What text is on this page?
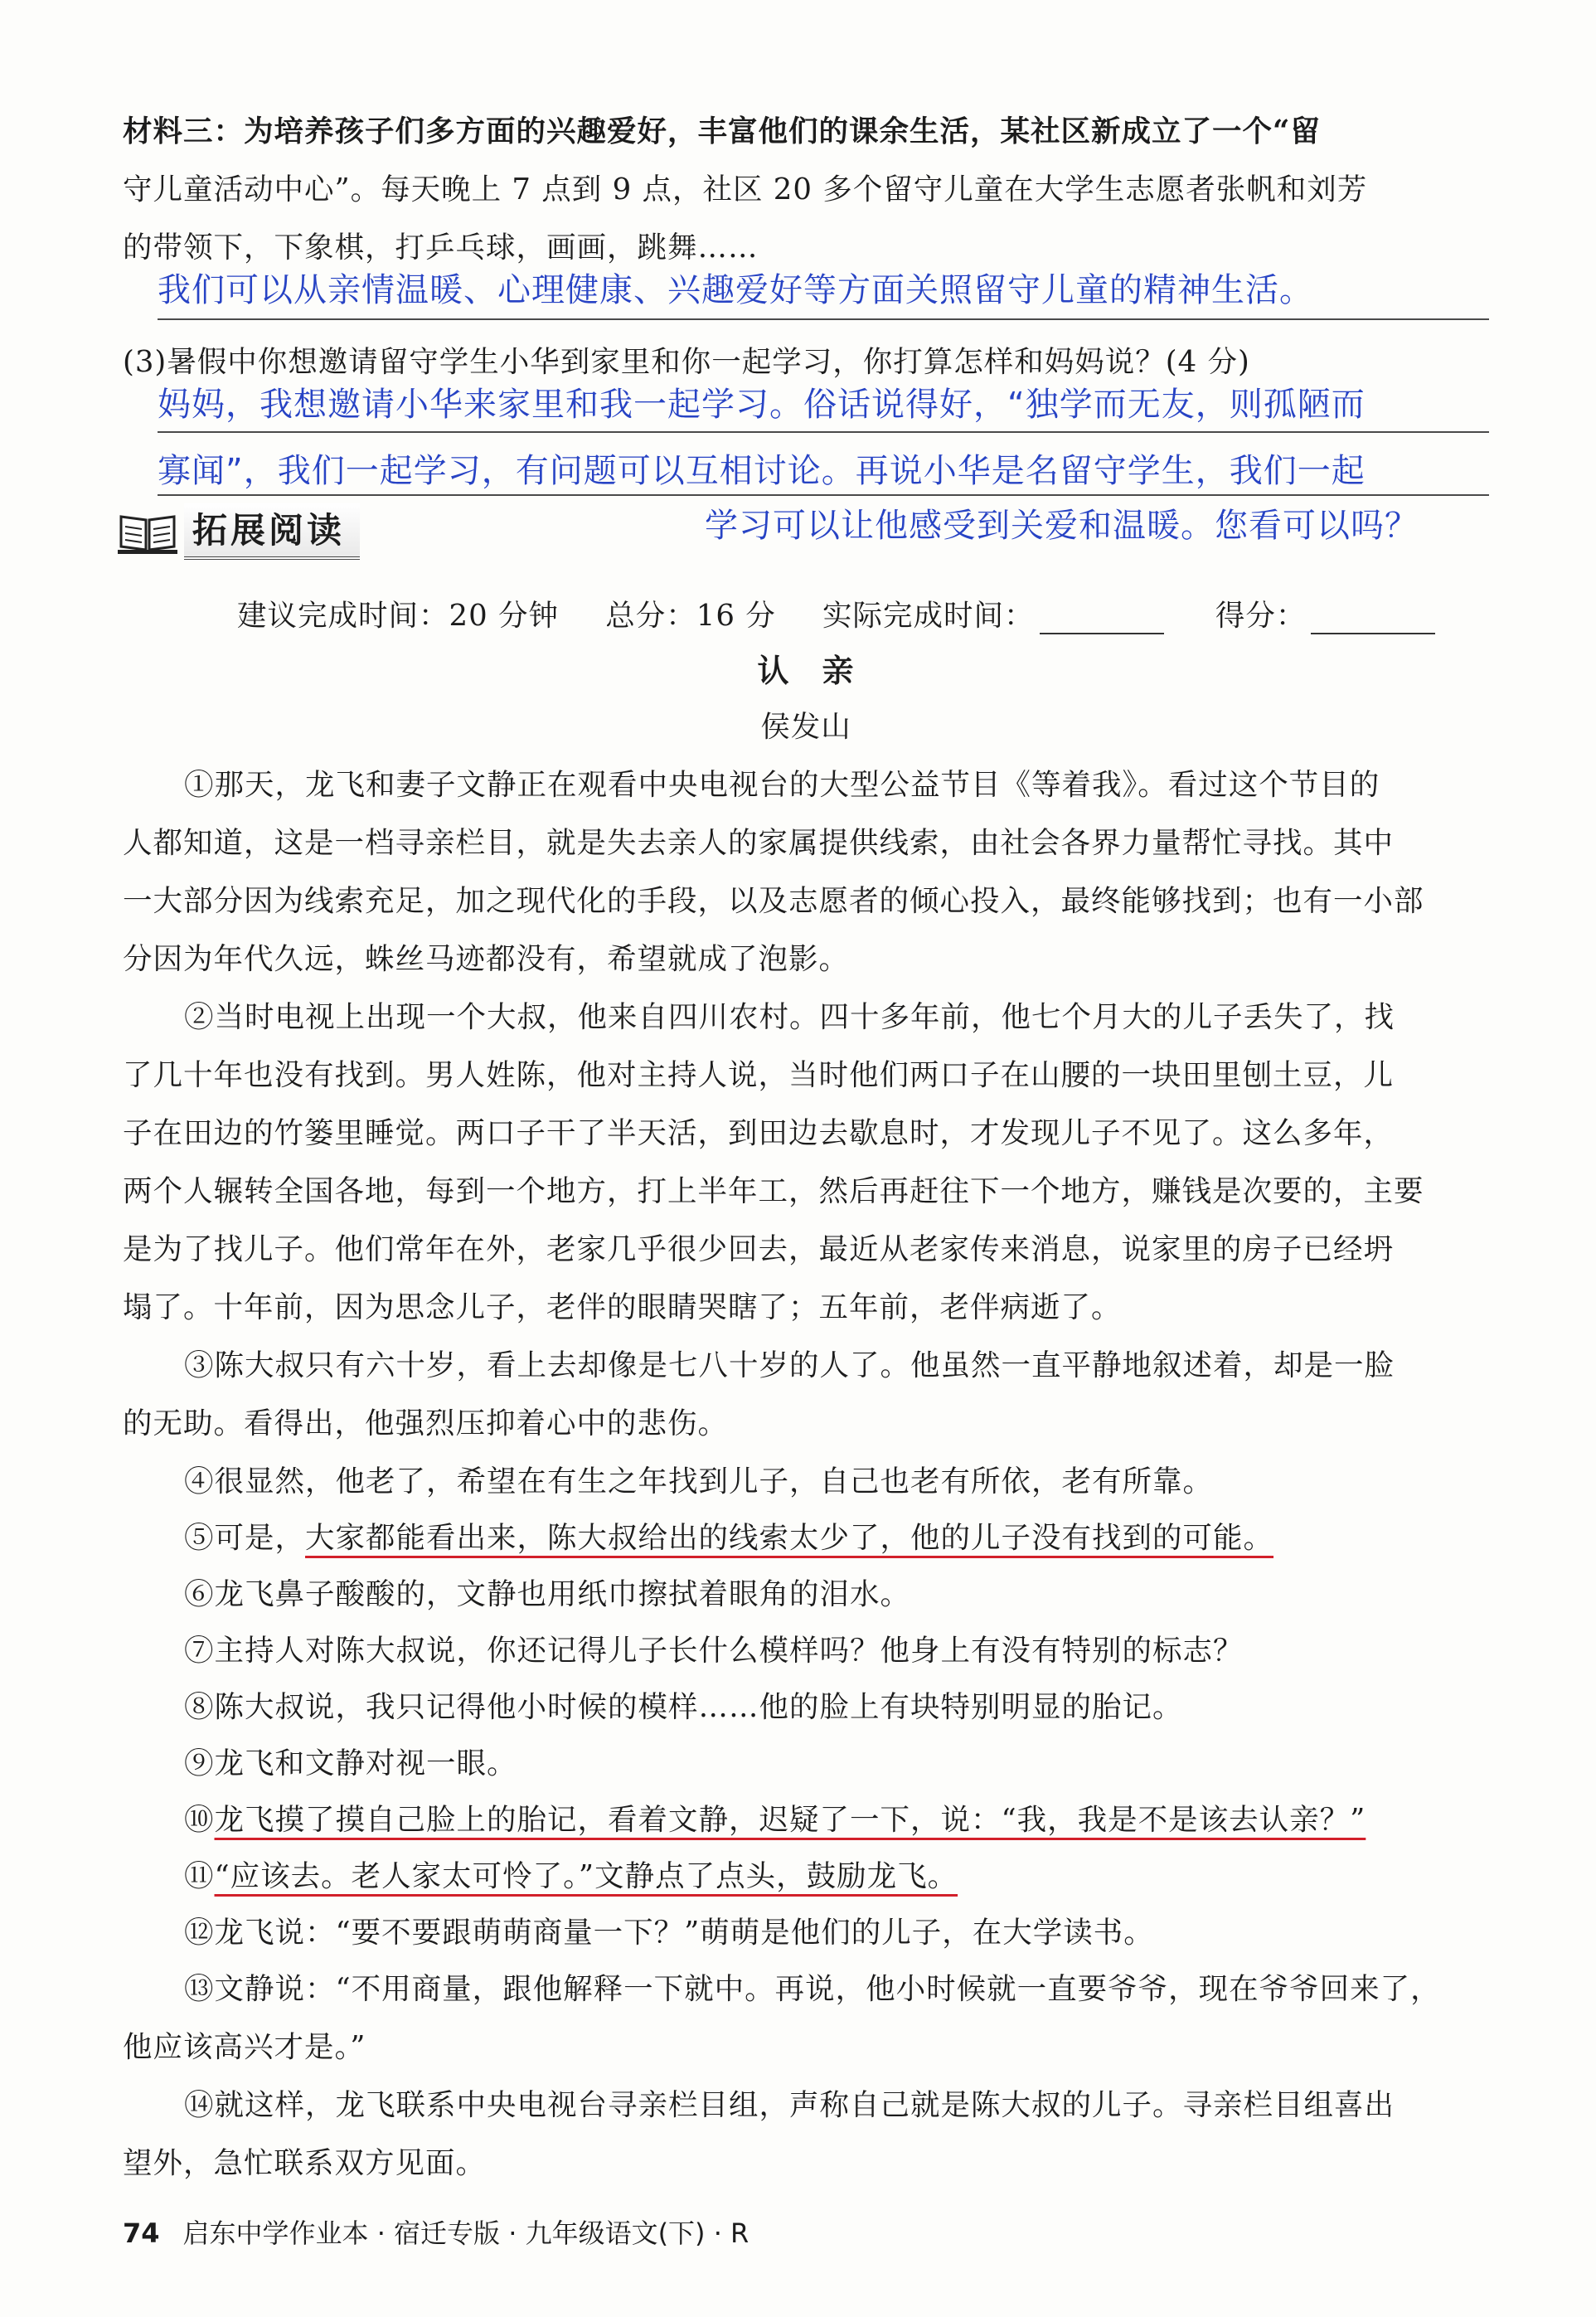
材料三：为培养孩子们多方面的兴趣爱好，丰富他们的课余生活，某社区新成立了一个“留
守儿童活动中心”。每天晚上 7 点到 9 点，社区 20 多个留守儿童在大学生志愿者张帆和刘芳
的带领下，下象棋，打乒乓球，画画，跳舞……
我们可以从亲情温暖、心理健康、兴趣爱好等方面关照留守儿童的精神生活。
(3)暑假中你想邀请留守学生小华到家里和你一起学习，你打算怎样和妈妈说？(4 分)
妈妈，我想邀请小华来家里和我一起学习。俗话说得好，“独学而无友，则孤陋而
寡闻”，我们一起学习，有问题可以互相讨论。再说小华是名留守学生，我们一起
学习可以让他感受到关爱和温暖。您看可以吗？
拓展阅读
建议完成时间：20 分钟 总分：16 分 实际完成时间：	得分：
认　亲
侯发山
①那天，龙飞和妻子文静正在观看中央电视台的大型公益节目《等着我》。看过这个节目的
人都知道，这是一档寻亲栏目，就是失去亲人的家属提供线索，由社会各界力量帮忙寻找。其中
一大部分因为线索充足，加之现代化的手段，以及志愿者的倾心投入，最终能够找到；也有一小部
分因为年代久远，蛛丝马迹都没有，希望就成了泡影。
②当时电视上出现一个大叔，他来自四川农村。四十多年前，他七个月大的儿子丢失了，找
了几十年也没有找到。男人姓陈，他对主持人说，当时他们两口子在山腰的一块田里刨土豆，儿
子在田边的竹篓里睡觉。两口子干了半天活，到田边去歇息时，才发现儿子不见了。这么多年，
两个人辗转全国各地，每到一个地方，打上半年工，然后再赶往下一个地方，赚钱是次要的，主要
是为了找儿子。他们常年在外，老家几乎很少回去，最近从老家传来消息，说家里的房子已经坍
塌了。十年前，因为思念儿子，老伴的眼睛哭瞎了；五年前，老伴病逝了。
③陈大叔只有六十岁，看上去却像是七八十岁的人了。他虽然一直平静地叙述着，却是一脸
的无助。看得出，他强烈压抑着心中的悲伤。
④很显然，他老了，希望在有生之年找到儿子，自己也老有所依，老有所靠。
⑤可是，大家都能看出来，陈大叔给出的线索太少了，他的儿子没有找到的可能。
⑥龙飞鼻子酸酸的，文静也用纸巾擦拭着眼角的泪水。
⑦主持人对陈大叔说，你还记得儿子长什么模样吗？他身上有没有特别的标志？
⑧陈大叔说，我只记得他小时候的模样……他的脸上有块特别明显的胎记。
⑨龙飞和文静对视一眼。
⑩龙飞摸了摸自己脸上的胎记，看着文静，迟疑了一下，说：“我，我是不是该去认亲？”
⑪“应该去。老人家太可怜了。”文静点了点头，鼓励龙飞。
⑫龙飞说：“要不要跟萌萌商量一下？”萌萌是他们的儿子，在大学读书。
⑬文静说：“不用商量，跟他解释一下就中。再说，他小时候就一直要爷爷，现在爷爷回来了，
他应该高兴才是。”
⑭就这样，龙飞联系中央电视台寻亲栏目组，声称自己就是陈大叔的儿子。寻亲栏目组喜出
望外，急忙联系双方见面。
74 启东中学作业本 · 宿迁专版 · 九年级语文(下) · R
